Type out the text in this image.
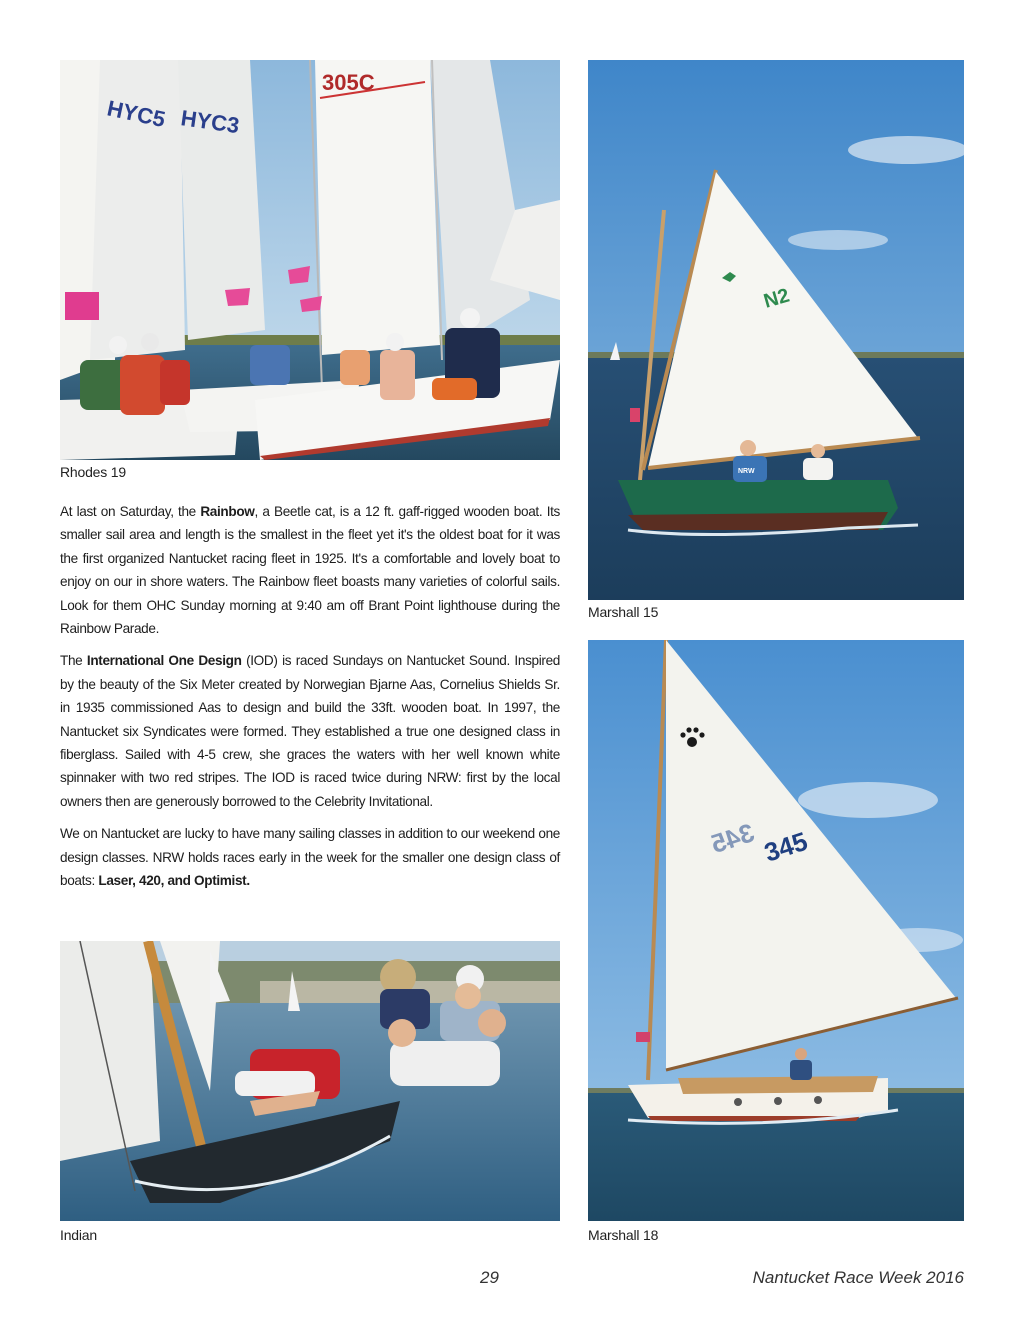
HYC5 HYC3
305C
Rhodes 19
N2
NRW
Marshall 15

At last on Saturday, the Rainbow, a Beetle cat, is a 12 ft. gaff-rigged wooden boat. Its smaller sail area and length is the smallest in the fleet yet it's the oldest boat for it was the first organized Nantucket racing fleet in 1925. It's a comfortable and lovely boat to enjoy on our in shore waters. The Rainbow fleet boasts many varieties of colorful sails. Look for them OHC Sunday morning at 9:40 am off Brant Point lighthouse during the Rainbow Parade.

The International One Design (IOD) is raced Sundays on Nantucket Sound. Inspired by the beauty of the Six Meter created by Norwegian Bjarne Aas, Cornelius Shields Sr. in 1935 commissioned Aas to design and build the 33ft. wooden boat. In 1997, the Nantucket six Syndicates were formed. They established a true one designed class in fiberglass. Sailed with 4-5 crew, she graces the waters with her well known white spinnaker with two red stripes. The IOD is raced twice during NRW: first by the local owners then are generously borrowed to the Celebrity Invitational.

We on Nantucket are lucky to have many sailing classes in addition to our weekend one design classes. NRW holds races early in the week for the smaller one design class of boats: Laser, 420, and Optimist.

Indian
345 345
Marshall 18
29	Nantucket Race Week 2016
